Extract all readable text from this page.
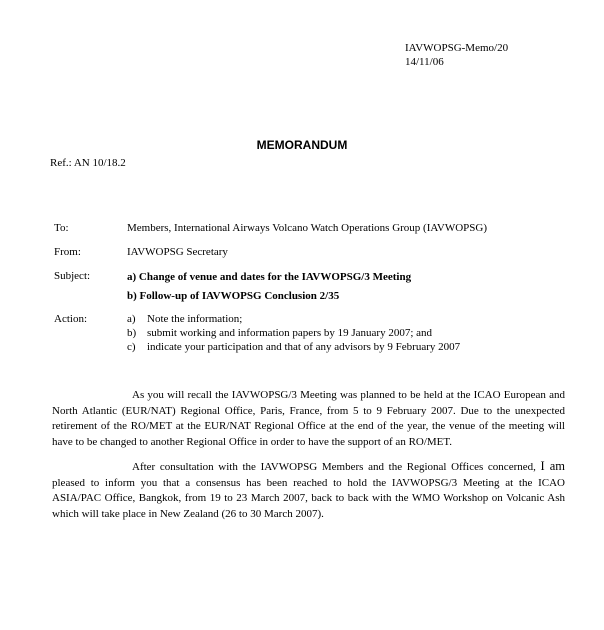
IAVWOPSG-Memo/20
14/11/06
MEMORANDUM
Ref.: AN 10/18.2
To:	Members, International Airways Volcano Watch Operations Group (IAVWOPSG)
From:	IAVWOPSG Secretary
Subject:	a) Change of venue and dates for the IAVWOPSG/3 Meeting
b) Follow-up of IAVWOPSG Conclusion 2/35
Action:	a) Note the information;
b) submit working and information papers by 19 January 2007; and
c) indicate your participation and that of any advisors by 9 February 2007
As you will recall the IAVWOPSG/3 Meeting was planned to be held at the ICAO European and North Atlantic (EUR/NAT) Regional Office, Paris, France, from 5 to 9 February 2007. Due to the unexpected retirement of the RO/MET at the EUR/NAT Regional Office at the end of the year, the venue of the meeting will have to be changed to another Regional Office in order to have the support of an RO/MET.
After consultation with the IAVWOPSG Members and the Regional Offices concerned, I am pleased to inform you that a consensus has been reached to hold the IAVWOPSG/3 Meeting at the ICAO ASIA/PAC Office, Bangkok, from 19 to 23 March 2007, back to back with the WMO Workshop on Volcanic Ash which will take place in New Zealand (26 to 30 March 2007).
